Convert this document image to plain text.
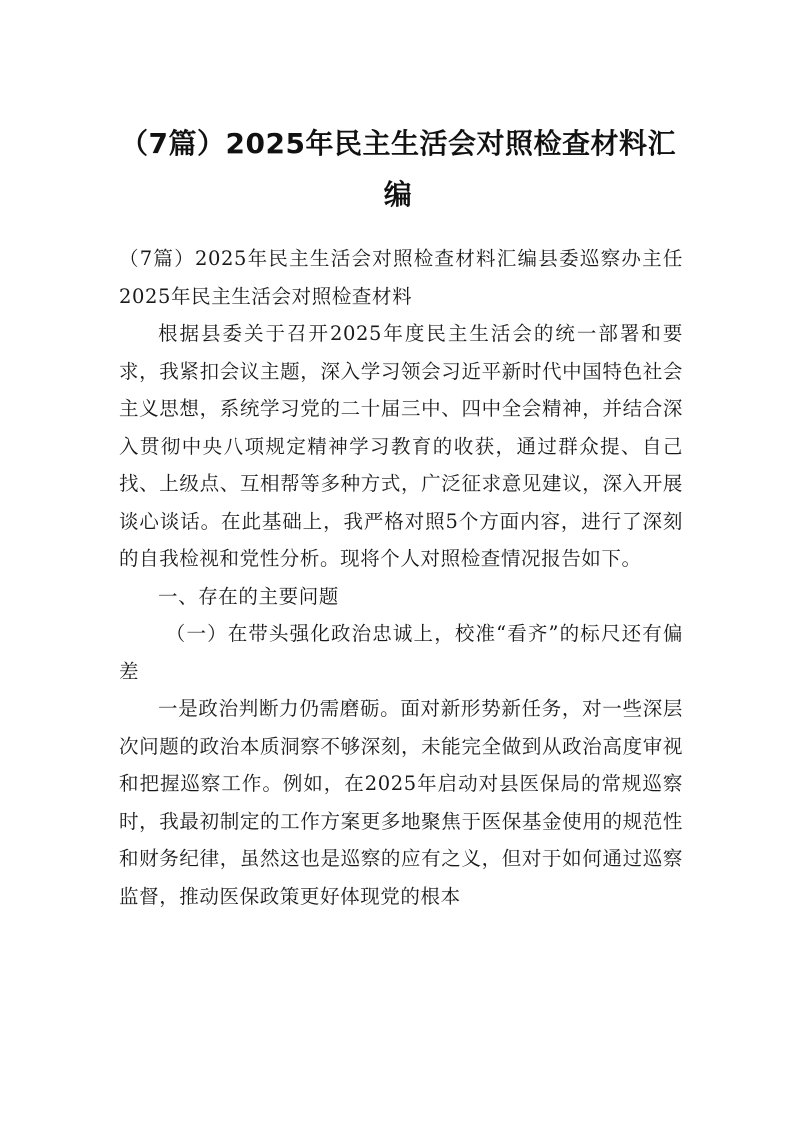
（7篇）2025年民主生活会对照检查材料汇编

（7篇）2025年民主生活会对照检查材料汇编县委巡察办主任2025年民主生活会对照检查材料

根据县委关于召开2025年度民主生活会的统一部署和要求，我紧扣会议主题，深入学习领会习近平新时代中国特色社会主义思想，系统学习党的二十届三中、四中全会精神，并结合深入贯彻中央八项规定精神学习教育的收获，通过群众提、自己找、上级点、互相帮等多种方式，广泛征求意见建议，深入开展谈心谈话。在此基础上，我严格对照5个方面内容，进行了深刻的自我检视和党性分析。现将个人对照检查情况报告如下。

一、存在的主要问题

（一）在带头强化政治忠诚上，校准“看齐”的标尺还有偏差

一是政治判断力仍需磨砺。面对新形势新任务，对一些深层次问题的政治本质洞察不够深刻，未能完全做到从政治高度审视和把握巡察工作。例如，在2025年启动对县医保局的常规巡察时，我最初制定的工作方案更多地聚焦于医保基金使用的规范性和财务纪律，虽然这也是巡察的应有之义，但对于如何通过巡察监督，推动医保政策更好体现党的根本
